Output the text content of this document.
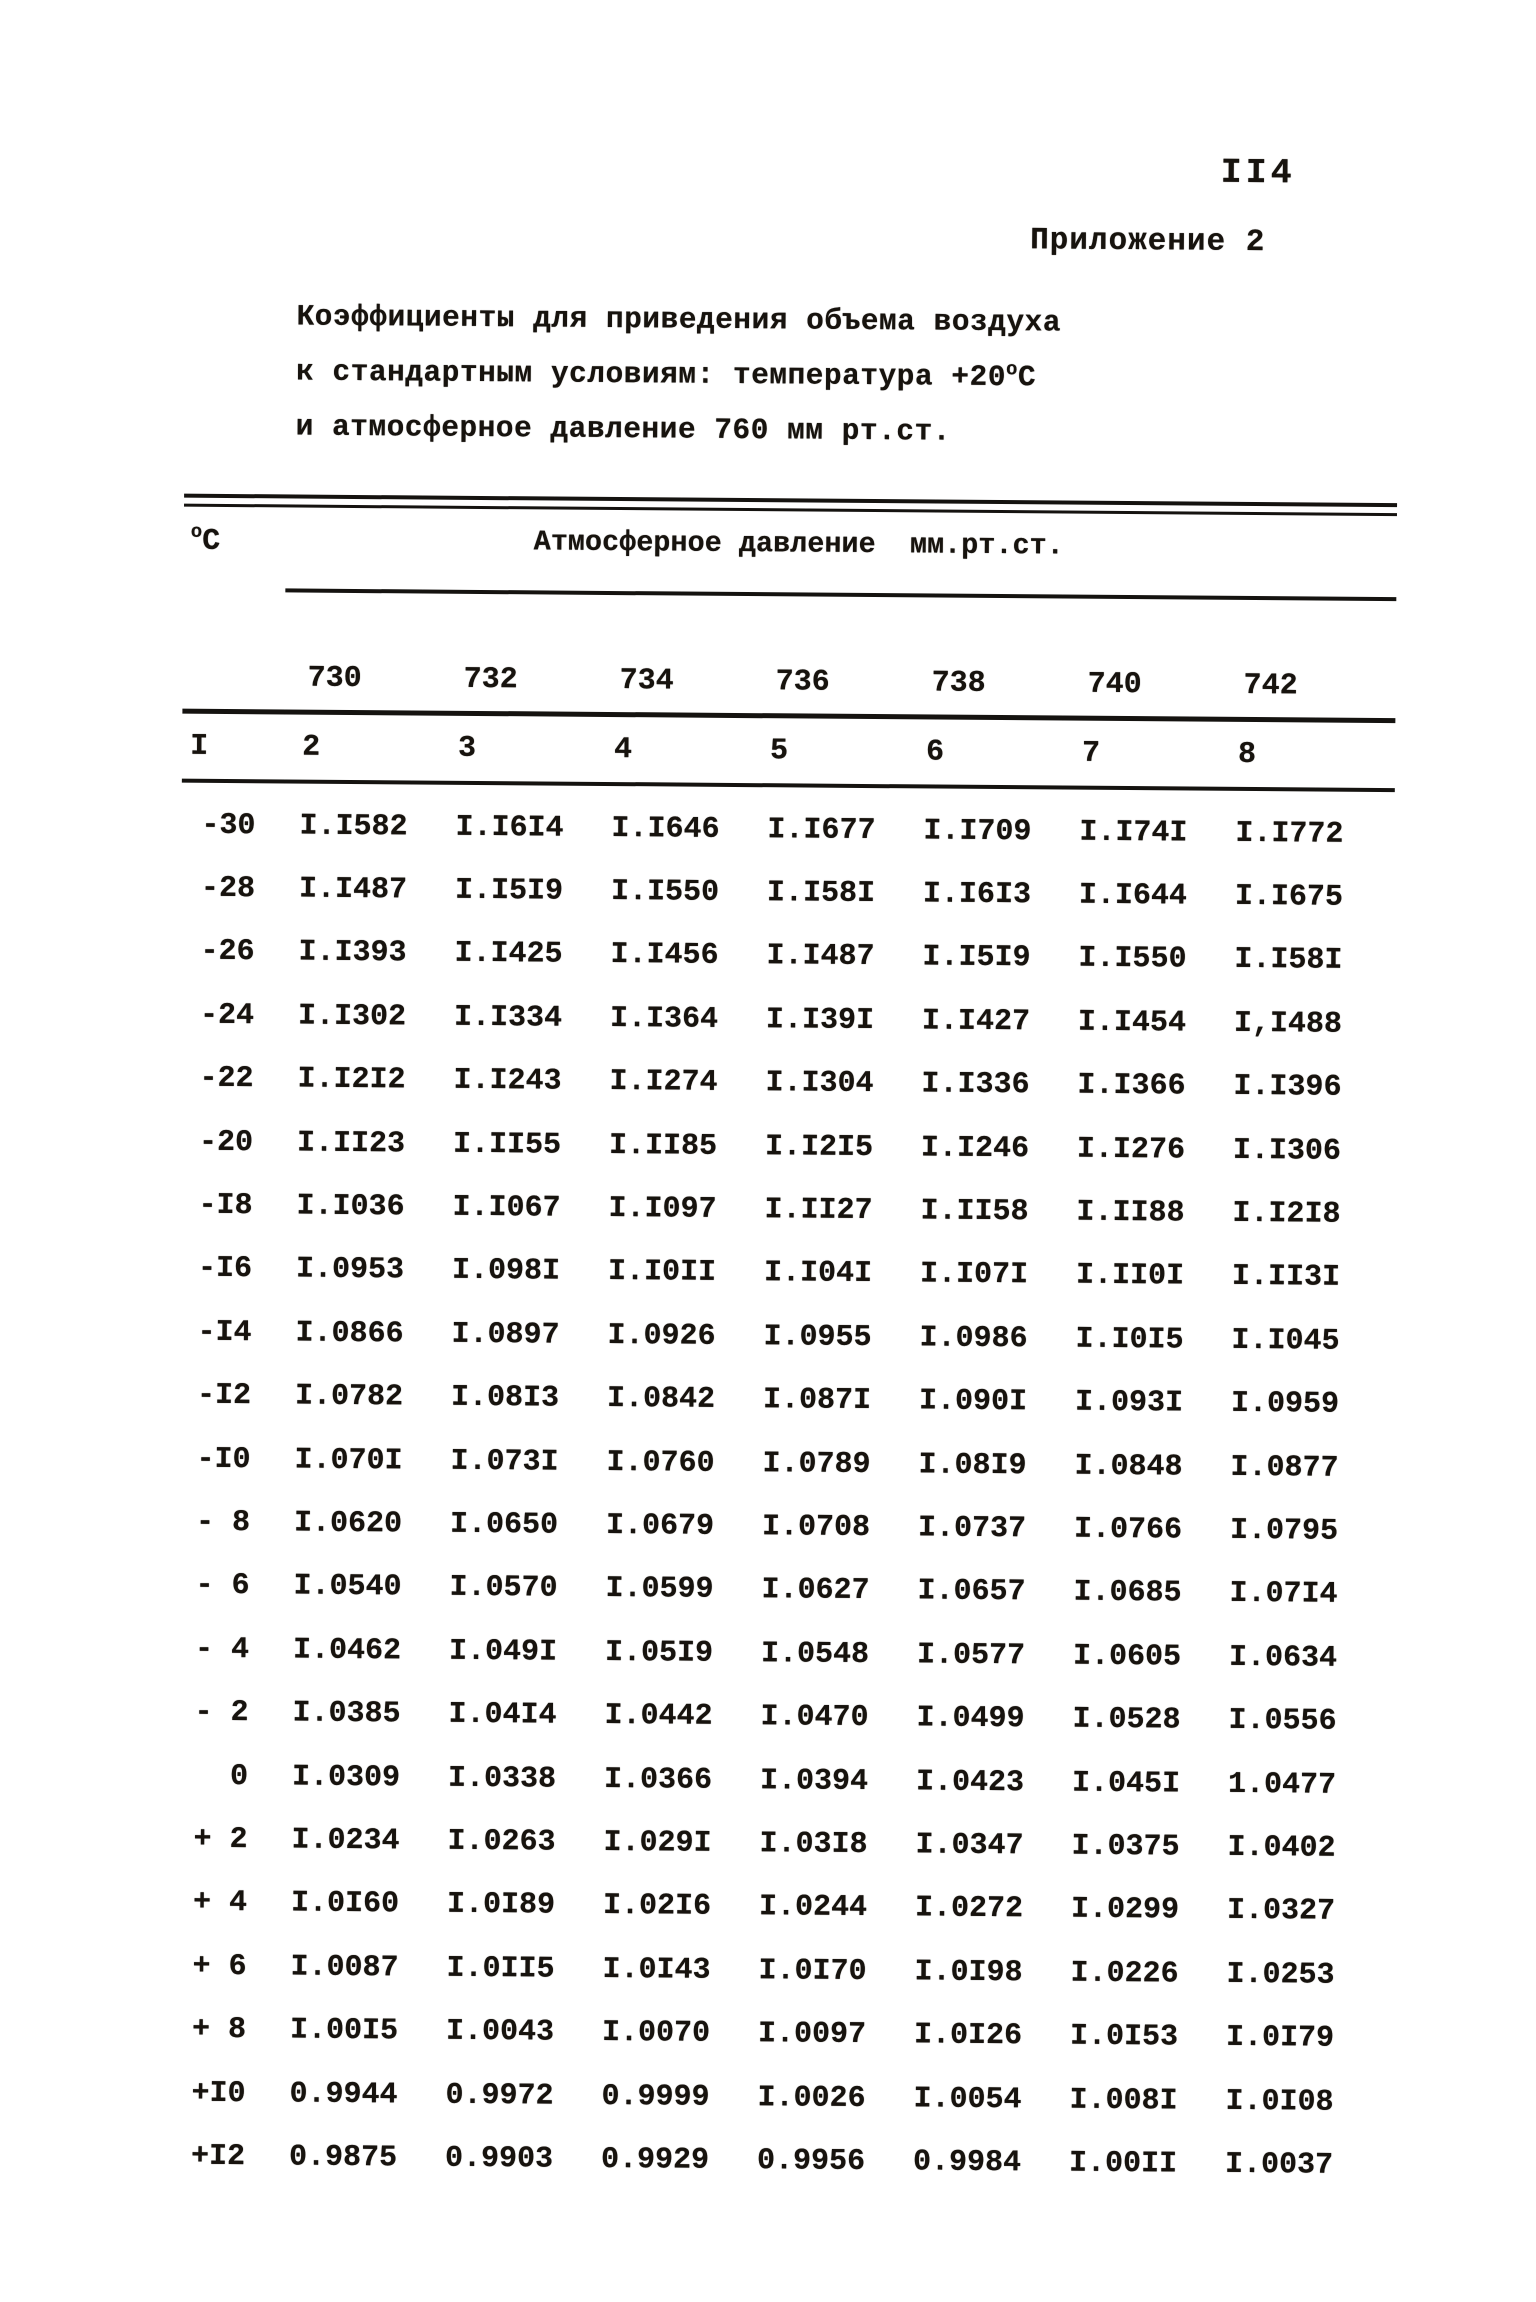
II4
Приложение 2
Коэффициенты для приведения объема воздуха
к стандартным условиям: температура $+20^оС$
и атмосферное давление 760 мм рт.ст.
$^о$С	Атмосферное давление  мм.рт.ст.
730	732	734	736	738	740	742
I	2	3	4	5	6	7	8
-30	I.I582	I.I6I4	I.I646	I.I677	I.I709	I.I74I	I.I772
-28	I.I487	I.I5I9	I.I550	I.I58I	I.I6I3	I.I644	I.I675
-26	I.I393	I.I425	I.I456	I.I487	I.I5I9	I.I550	I.I58I
-24	I.I302	I.I334	I.I364	I.I39I	I.I427	I.I454	I,I488
-22	I.I2I2	I.I243	I.I274	I.I304	I.I336	I.I366	I.I396
-20	I.II23	I.II55	I.II85	I.I2I5	I.I246	I.I276	I.I306
-I8	I.I036	I.I067	I.I097	I.II27	I.II58	I.II88	I.I2I8
-I6	I.0953	I.098I	I.I0II	I.I04I	I.I07I	I.II0I	I.II3I
-I4	I.0866	I.0897	I.0926	I.0955	I.0986	I.I0I5	I.I045
-I2	I.0782	I.08I3	I.0842	I.087I	I.090I	I.093I	I.0959
-I0	I.070I	I.073I	I.0760	I.0789	I.08I9	I.0848	I.0877
- 8	I.0620	I.0650	I.0679	I.0708	I.0737	I.0766	I.0795
- 6	I.0540	I.0570	I.0599	I.0627	I.0657	I.0685	I.07I4
- 4	I.0462	I.049I	I.05I9	I.0548	I.0577	I.0605	I.0634
- 2	I.0385	I.04I4	I.0442	I.0470	I.0499	I.0528	I.0556
0	I.0309	I.0338	I.0366	I.0394	I.0423	I.045I	1.0477
+ 2	I.0234	I.0263	I.029I	I.03I8	I.0347	I.0375	I.0402
+ 4	I.0I60	I.0I89	I.02I6	I.0244	I.0272	I.0299	I.0327
+ 6	I.0087	I.0II5	I.0I43	I.0I70	I.0I98	I.0226	I.0253
+ 8	I.00I5	I.0043	I.0070	I.0097	I.0I26	I.0I53	I.0I79
+I0	0.9944	0.9972	0.9999	I.0026	I.0054	I.008I	I.0I08
+I2	0.9875	0.9903	0.9929	0.9956	0.9984	I.00II	I.0037
